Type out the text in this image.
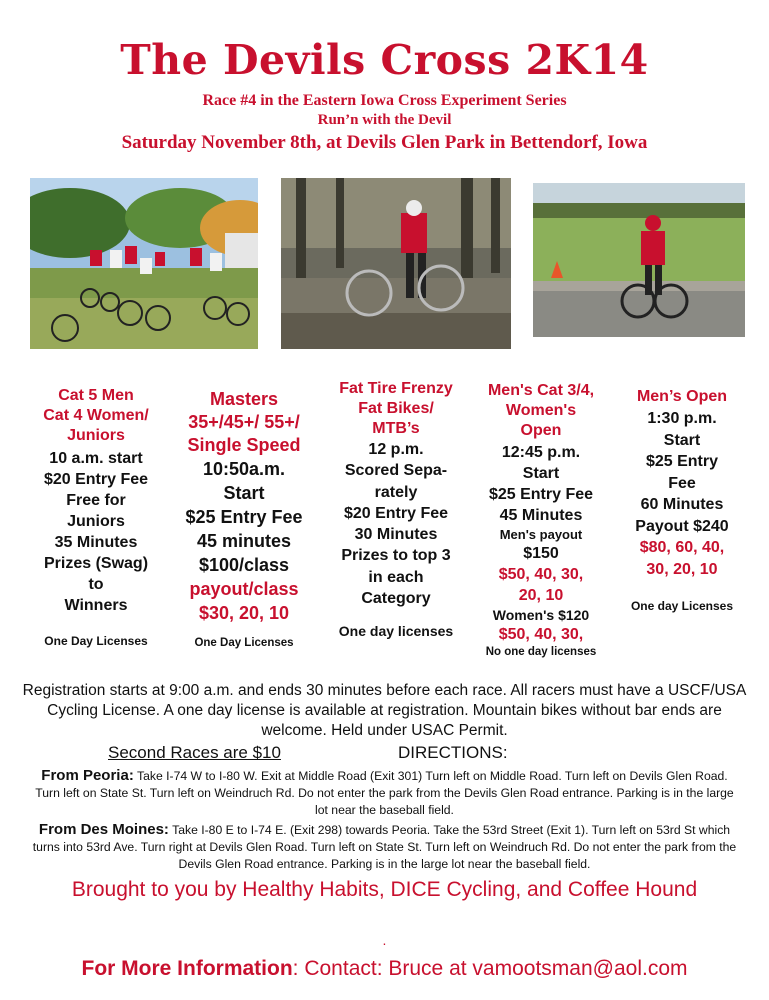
The Devils Cross 2K14
Race #4 in the Eastern Iowa Cross Experiment Series
Run’n with the Devil
Saturday November 8th, at Devils Glen Park in Bettendorf, Iowa
Cat 5 Men
Cat 4 Women/
Juniors
10 a.m. start
$20 Entry Fee
Free for
Juniors
35 Minutes
Prizes (Swag)
to
Winners
One Day Licenses
Masters
35+/45+/ 55+/
Single Speed
10:50a.m.
Start
$25 Entry Fee
45 minutes
$100/class
payout/class
$30, 20, 10
One Day Licenses
Fat Tire Frenzy
Fat Bikes/
MTB’s
12 p.m.
Scored Sepa-
rately
$20 Entry Fee
30 Minutes
Prizes to top 3
in each
Category
One day licenses
Men's Cat 3/4,
Women's
Open
12:45 p.m.
Start
$25 Entry Fee
45 Minutes
Men's payout
$150
$50, 40, 30,
20, 10
Women's $120
$50, 40, 30,
No one day licenses
Men’s Open
1:30 p.m.
Start
$25 Entry
Fee
60 Minutes
Payout $240
$80, 60, 40,
30, 20, 10
One day Licenses
Registration starts at 9:00 a.m. and ends 30 minutes before each race. All racers must have a USCF/USA Cycling License. A one day license is available at registration. Mountain bikes without bar ends are welcome. Held under USAC Permit.
Second Races are $10	DIRECTIONS:
From Peoria: Take I-74 W to I-80 W. Exit at Middle Road (Exit 301) Turn left on Middle Road. Turn left on Devils Glen Road. Turn left on State St. Turn left on Weindruch Rd. Do not enter the park from the Devils Glen Road entrance. Parking is in the large lot near the baseball field.
From Des Moines: Take I-80 E to I-74 E. (Exit 298) towards Peoria. Take the 53rd Street (Exit 1). Turn left on 53rd St which turns into 53rd Ave. Turn right at Devils Glen Road. Turn left on State St. Turn left on Weindruch Rd. Do not enter the park from the Devils Glen Road entrance. Parking is in the large lot near the baseball field.
Brought to you by Healthy Habits, DICE Cycling, and Coffee Hound
.
For More Information: Contact: Bruce at vamootsman@aol.com
